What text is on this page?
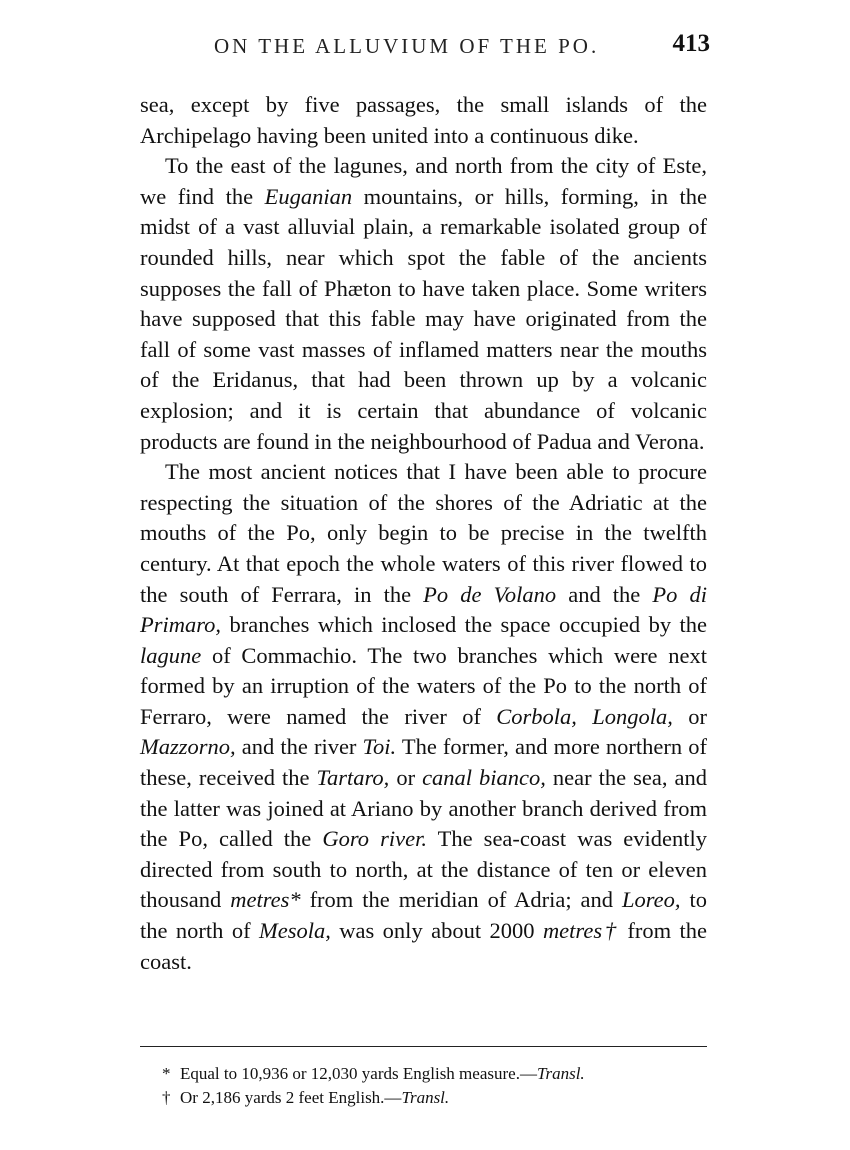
ON THE ALLUVIUM OF THE PO.	413

sea, except by five passages, the small islands of the Archipelago having been united into a continuous dike.

To the east of the lagunes, and north from the city of Este, we find the Euganian mountains, or hills, forming, in the midst of a vast alluvial plain, a remarkable isolated group of rounded hills, near which spot the fable of the ancients supposes the fall of Phæton to have taken place. Some writers have supposed that this fable may have originated from the fall of some vast masses of inflamed matters near the mouths of the Eridanus, that had been thrown up by a volcanic explosion; and it is certain that abundance of volcanic products are found in the neighbourhood of Padua and Verona.

The most ancient notices that I have been able to procure respecting the situation of the shores of the Adriatic at the mouths of the Po, only begin to be precise in the twelfth century. At that epoch the whole waters of this river flowed to the south of Ferrara, in the Po de Volano and the Po di Primaro, branches which inclosed the space occupied by the lagune of Commachio. The two branches which were next formed by an irruption of the waters of the Po to the north of Ferraro, were named the river of Corbola, Longola, or Mazzorno, and the river Toi. The former, and more northern of these, received the Tartaro, or canal bianco, near the sea, and the latter was joined at Ariano by another branch derived from the Po, called the Goro river. The sea-coast was evidently directed from south to north, at the distance of ten or eleven thousand metres* from the meridian of Adria; and Loreo, to the north of Mesola, was only about 2000 metres† from the coast.

* Equal to 10,936 or 12,030 yards English measure.—Transl.

† Or 2,186 yards 2 feet English.—Transl.
